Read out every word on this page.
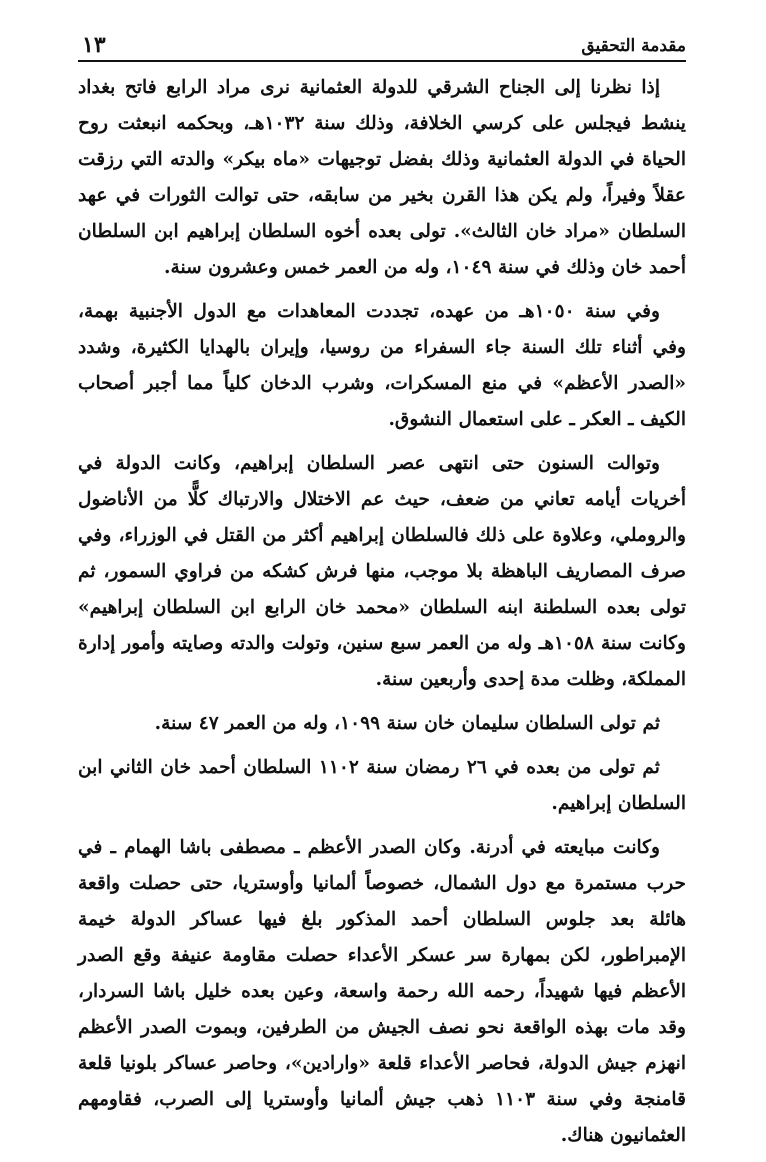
مقدمة التحقيق
١٣

إذا نظرنا إلى الجناح الشرقي للدولة العثمانية نرى مراد الرابع فاتح بغداد ينشط فيجلس على كرسي الخلافة، وذلك سنة ١٠٣٢هـ، وبحكمه انبعثت روح الحياة في الدولة العثمانية وذلك بفضل توجيهات «ماه بيكر» والدته التي رزقت عقلاً وفيراً، ولم يكن هذا القرن بخير من سابقه، حتى توالت الثورات في عهد السلطان «مراد خان الثالث». تولى بعده أخوه السلطان إبراهيم ابن السلطان أحمد خان وذلك في سنة ١٠٤٩، وله من العمر خمس وعشرون سنة.

وفي سنة ١٠٥٠هـ من عهده، تجددت المعاهدات مع الدول الأجنبية بهمة، وفي أثناء تلك السنة جاء السفراء من روسيا، وإيران بالهدايا الكثيرة، وشدد «الصدر الأعظم» في منع المسكرات، وشرب الدخان كلياً مما أجبر أصحاب الكيف ـ العكر ـ على استعمال النشوق.

وتوالت السنون حتى انتهى عصر السلطان إبراهيم، وكانت الدولة في أخريات أيامه تعاني من ضعف، حيث عم الاختلال والارتباك كلًّا من الأناضول والروملي، وعلاوة على ذلك فالسلطان إبراهيم أكثر من القتل في الوزراء، وفي صرف المصاريف الباهظة بلا موجب، منها فرش كشكه من فراوي السمور، ثم تولى بعده السلطنة ابنه السلطان «محمد خان الرابع ابن السلطان إبراهيم» وكانت سنة ١٠٥٨هـ وله من العمر سبع سنين، وتولت والدته وصايته وأمور إدارة المملكة، وظلت مدة إحدى وأربعين سنة.

ثم تولى السلطان سليمان خان سنة ١٠٩٩، وله من العمر ٤٧ سنة.

ثم تولى من بعده في ٢٦ رمضان سنة ١١٠٢ السلطان أحمد خان الثاني ابن السلطان إبراهيم.

وكانت مبايعته في أدرنة. وكان الصدر الأعظم ـ مصطفى باشا الهمام ـ في حرب مستمرة مع دول الشمال، خصوصاً ألمانيا وأوستريا، حتى حصلت واقعة هائلة بعد جلوس السلطان أحمد المذكور بلغ فيها عساكر الدولة خيمة الإمبراطور، لكن بمهارة سر عسكر الأعداء حصلت مقاومة عنيفة وقع الصدر الأعظم فيها شهيداً، رحمه الله رحمة واسعة، وعين بعده خليل باشا السردار، وقد مات بهذه الواقعة نحو نصف الجيش من الطرفين، وبموت الصدر الأعظم انهزم جيش الدولة، فحاصر الأعداء قلعة «وارادين»، وحاصر عساكر بلونيا قلعة قامنجة وفي سنة ١١٠٣ ذهب جيش ألمانيا وأوستريا إلى الصرب، فقاومهم العثمانيون هناك.
